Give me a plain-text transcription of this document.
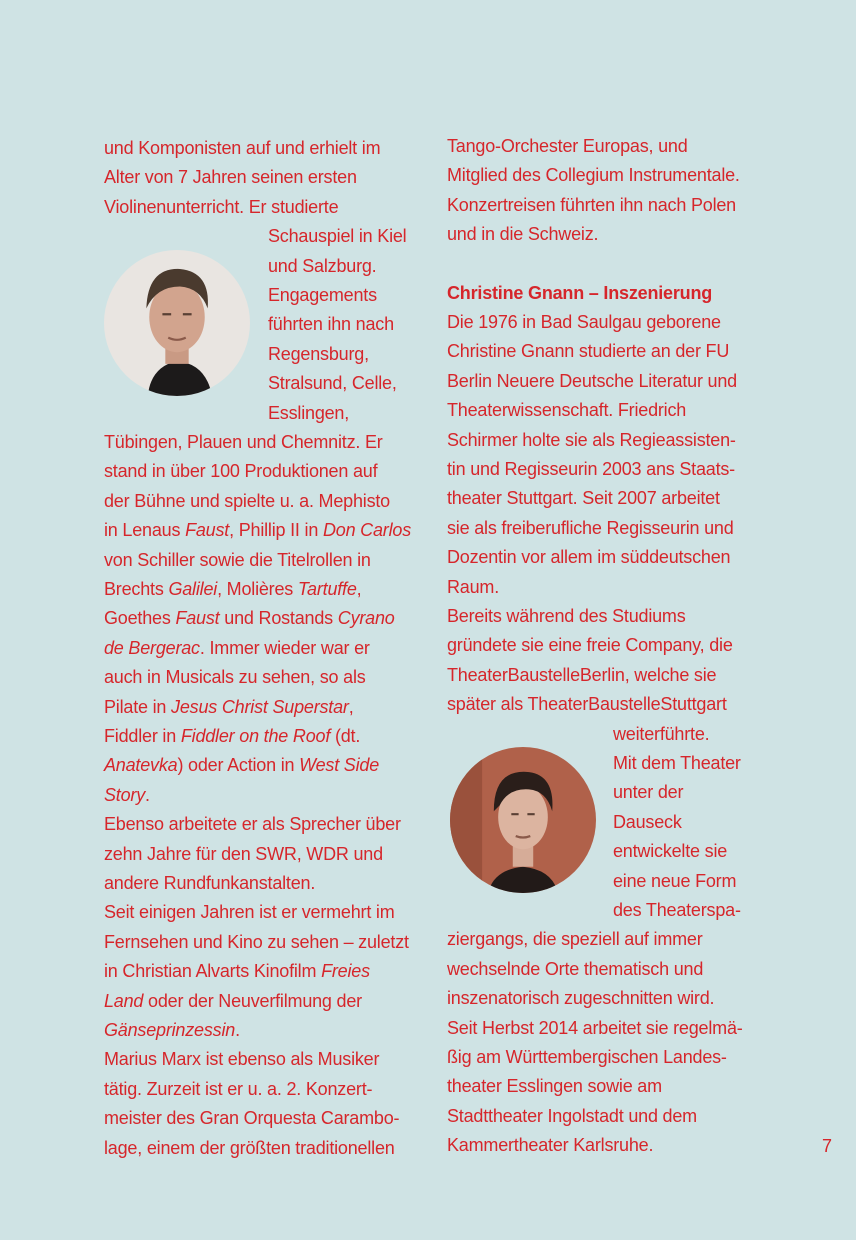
und Komponisten auf und erhielt im
Alter von 7 Jahren seinen ersten
Violinenunterricht. Er studierte
Schauspiel in Kiel
und Salzburg.
Engagements
führten ihn nach
Regensburg,
Stralsund, Celle,
Esslingen,
Tübingen, Plauen und Chemnitz. Er
stand in über 100 Produktionen auf
der Bühne und spielte u. a. Mephisto
in Lenaus Faust, Phillip II in Don Carlos
von Schiller sowie die Titelrollen in
Brechts Galilei, Molières Tartuffe,
Goethes Faust und Rostands Cyrano
de Bergerac. Immer wieder war er
auch in Musicals zu sehen, so als
Pilate in Jesus Christ Superstar,
Fiddler in Fiddler on the Roof (dt.
Anatevka) oder Action in West Side
Story.
Ebenso arbeitete er als Sprecher über
zehn Jahre für den SWR, WDR und
andere Rundfunkanstalten.
Seit einigen Jahren ist er vermehrt im
Fernsehen und Kino zu sehen – zuletzt
in Christian Alvarts Kinofilm Freies
Land oder der Neuverfilmung der
Gänseprinzessin.
Marius Marx ist ebenso als Musiker
tätig. Zurzeit ist er u. a. 2. Konzert-
meister des Gran Orquesta Carambo-
lage, einem der größten traditionellen
Tango-Orchester Europas, und
Mitglied des Collegium Instrumentale.
Konzertreisen führten ihn nach Polen
und in die Schweiz.
Christine Gnann – Inszenierung
Die 1976 in Bad Saulgau geborene
Christine Gnann studierte an der FU
Berlin Neuere Deutsche Literatur und
Theaterwissenschaft. Friedrich
Schirmer holte sie als Regieassisten-
tin und Regisseurin 2003 ans Staats-
theater Stuttgart. Seit 2007 arbeitet
sie als freiberufliche Regisseurin und
Dozentin vor allem im süddeutschen
Raum.
Bereits während des Studiums
gründete sie eine freie Company, die
TheaterBaustelleBerlin, welche sie
später als TheaterBaustelleStuttgart
weiterführte.
Mit dem Theater
unter der
Dauseck
entwickelte sie
eine neue Form
des Theaterspa-
ziergangs, die speziell auf immer
wechselnde Orte thematisch und
inszenatorisch zugeschnitten wird.
Seit Herbst 2014 arbeitet sie regelmä-
ßig am Württembergischen Landes-
theater Esslingen sowie am
Stadttheater Ingolstadt und dem
Kammertheater Karlsruhe.	7
